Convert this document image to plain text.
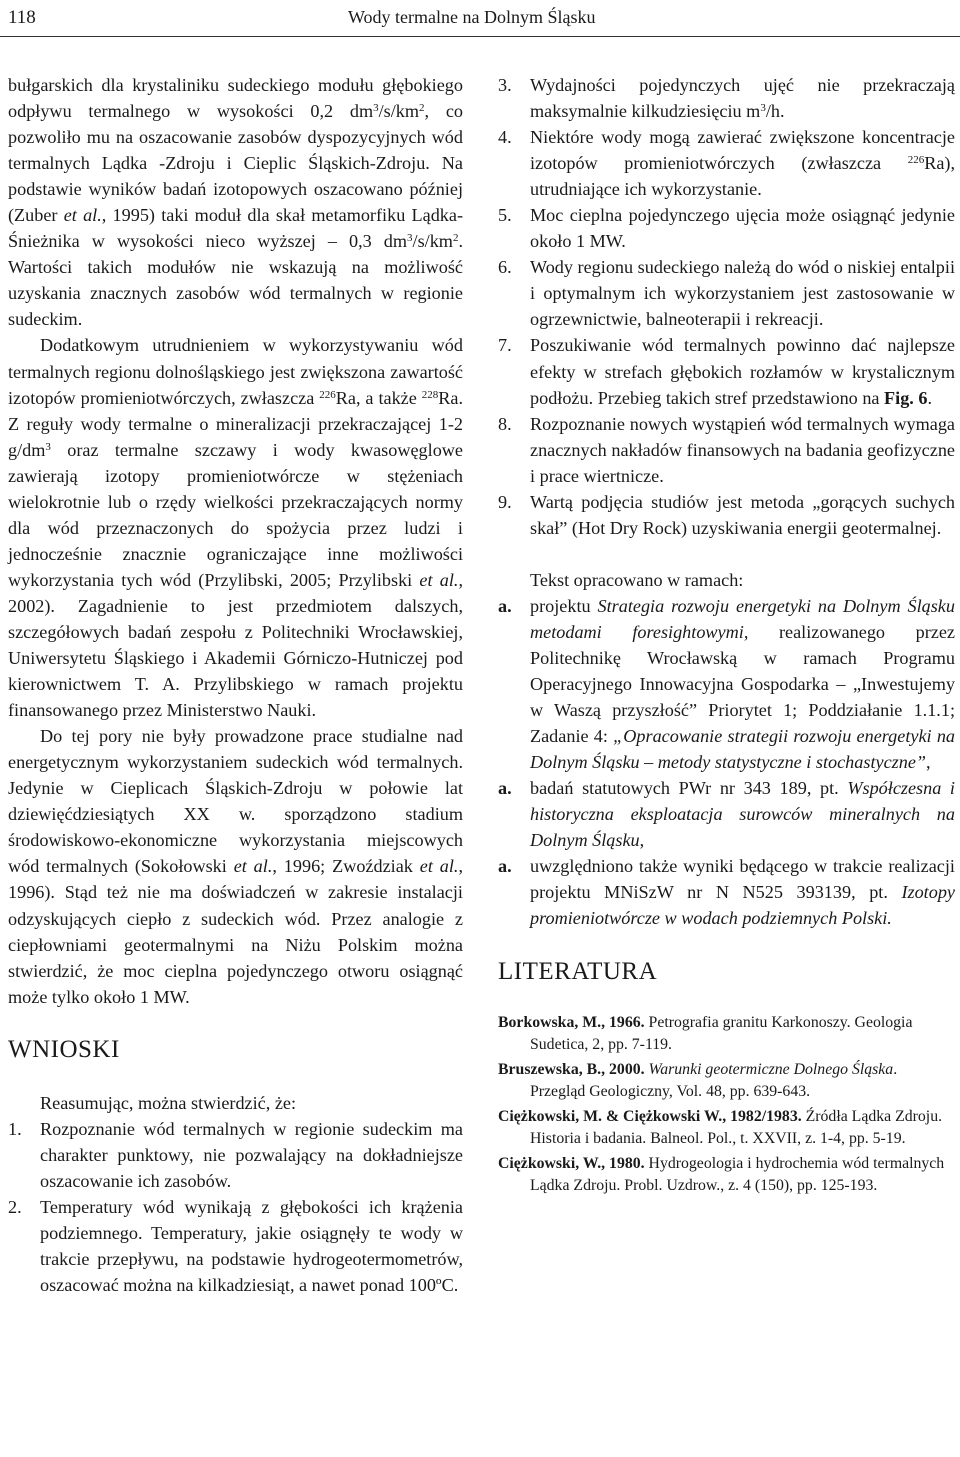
118	Wody termalne na Dolnym Śląsku

bułgarskich dla krystaliniku sudeckiego modułu głębokiego odpływu termalnego w wysokości 0,2 $dm^3/s/km^2$, co pozwoliło mu na oszacowanie zasobów dyspozycyjnych wód termalnych Lądka -Zdroju i Cieplic Śląskich-Zdroju. Na podstawie wyników badań izotopowych oszacowano później (Zuber et al., 1995) taki moduł dla skał metamorfiku Lądka-Śnieżnika w wysokości nieco wyższej – 0,3 $dm^3/s/km^2$. Wartości takich modułów nie wskazują na możliwość uzyskania znacznych zasobów wód termalnych w regionie sudeckim.

Dodatkowym utrudnieniem w wykorzystywaniu wód termalnych regionu dolnośląskiego jest zwiększona zawartość izotopów promieniotwórczych, zwłaszcza $^{226}$Ra, a także $^{228}$Ra. Z reguły wody termalne o mineralizacji przekraczającej 1-2 $g/dm^3$ oraz termalne szczawy i wody kwasowęglowe zawierają izotopy promieniotwórcze w stężeniach wielokrotnie lub o rzędy wielkości przekraczających normy dla wód przeznaczonych do spożycia przez ludzi i jednocześnie znacznie ograniczające inne możliwości wykorzystania tych wód (Przylibski, 2005; Przylibski et al., 2002). Zagadnienie to jest przedmiotem dalszych, szczegółowych badań zespołu z Politechniki Wrocławskiej, Uniwersytetu Śląskiego i Akademii Górniczo-Hutniczej pod kierownictwem T. A. Przylibskiego w ramach projektu finansowanego przez Ministerstwo Nauki.

Do tej pory nie były prowadzone prace studialne nad energetycznym wykorzystaniem sudeckich wód termalnych. Jedynie w Cieplicach Śląskich-Zdroju w połowie lat dziewięćdziesiątych XX w. sporządzono stadium środowiskowo-ekonomiczne wykorzystania miejscowych wód termalnych (Sokołowski et al., 1996; Zwoździak et al., 1996). Stąd też nie ma doświadczeń w zakresie instalacji odzyskujących ciepło z sudeckich wód. Przez analogie z ciepłowniami geotermalnymi na Niżu Polskim można stwierdzić, że moc cieplna pojedynczego otworu osiągnąć może tylko około 1 MW.

WNIOSKI

Reasumując, można stwierdzić, że:

1. Rozpoznanie wód termalnych w regionie sudeckim ma charakter punktowy, nie pozwalający na dokładniejsze oszacowanie ich zasobów.
2. Temperatury wód wynikają z głębokości ich krążenia podziemnego. Temperatury, jakie osiągnęły te wody w trakcie przepływu, na podstawie hydrogeotermometrów, oszacować można na kilkadziesiąt, a nawet ponad 100ºC.
3. Wydajności pojedynczych ujęć nie przekraczają maksymalnie kilkudziesięciu $m^3/h$.
4. Niektóre wody mogą zawierać zwiększone koncentracje izotopów promieniotwórczych (zwłaszcza $^{226}$Ra), utrudniające ich wykorzystanie.
5. Moc cieplna pojedynczego ujęcia może osiągnąć jedynie około 1 MW.
6. Wody regionu sudeckiego należą do wód o niskiej entalpii i optymalnym ich wykorzystaniem jest zastosowanie w ogrzewnictwie, balneoterapii i rekreacji.
7. Poszukiwanie wód termalnych powinno dać najlepsze efekty w strefach głębokich rozłamów w krystalicznym podłożu. Przebieg takich stref przedstawiono na Fig. 6.
8. Rozpoznanie nowych wystąpień wód termalnych wymaga znacznych nakładów finansowych na badania geofizyczne i prace wiertnicze.
9. Wartą podjęcia studiów jest metoda „gorących suchych skał” (Hot Dry Rock) uzyskiwania energii geotermalnej.

Tekst opracowano w ramach:

a. projektu Strategia rozwoju energetyki na Dolnym Śląsku metodami foresightowymi, realizowanego przez Politechnikę Wrocławską w ramach Programu Operacyjnego Innowacyjna Gospodarka – „Inwestujemy w Waszą przyszłość” Priorytet 1; Poddziałanie 1.1.1; Zadanie 4: „Opracowanie strategii rozwoju energetyki na Dolnym Śląsku – metody statystyczne i stochastyczne”,
a. badań statutowych PWr nr 343 189, pt. Współczesna i historyczna eksploatacja surowców mineralnych na Dolnym Śląsku,
a. uwzględniono także wyniki będącego w trakcie realizacji projektu MNiSzW nr N N525 393139, pt. Izotopy promieniotwórcze w wodach podziemnych Polski.
LITERATURA

Borkowska, M., 1966. Petrografia granitu Karkonoszy. Geologia Sudetica, 2, pp. 7-119.

Bruszewska, B., 2000. Warunki geotermiczne Dolnego Śląska. Przegląd Geologiczny, Vol. 48, pp. 639-643.

Ciężkowski, M. & Ciężkowski W., 1982/1983. Źródła Lądka Zdroju. Historia i badania. Balneol. Pol., t. XXVII, z. 1-4, pp. 5-19.

Ciężkowski, W., 1980. Hydrogeologia i hydrochemia wód termalnych Lądka Zdroju. Probl. Uzdrow., z. 4 (150), pp. 125-193.
